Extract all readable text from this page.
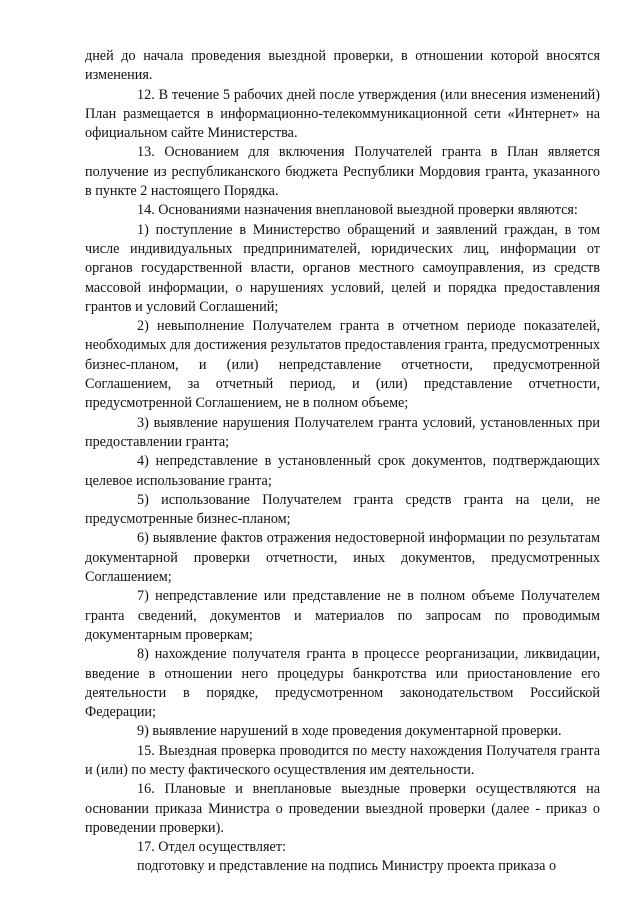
дней до начала проведения выездной проверки, в отношении которой вносятся изменения.

12. В течение 5 рабочих дней после утверждения (или внесения изменений) План размещается в информационно-телекоммуникационной сети «Интернет» на официальном сайте Министерства.

13. Основанием для включения Получателей гранта в План является получение из республиканского бюджета Республики Мордовия гранта, указанного в пункте 2 настоящего Порядка.

14. Основаниями назначения внеплановой выездной проверки являются:

1) поступление в Министерство обращений и заявлений граждан, в том числе индивидуальных предпринимателей, юридических лиц, информации от органов государственной власти, органов местного самоуправления, из средств массовой информации, о нарушениях условий, целей и порядка предоставления грантов и условий Соглашений;

2) невыполнение Получателем гранта в отчетном периоде показателей, необходимых для достижения результатов предоставления гранта, предусмотренных бизнес-планом, и (или) непредставление отчетности, предусмотренной Соглашением, за отчетный период, и (или) представление отчетности, предусмотренной Соглашением, не в полном объеме;

3) выявление нарушения Получателем гранта условий, установленных при предоставлении гранта;

4) непредставление в установленный срок документов, подтверждающих целевое использование гранта;

5) использование Получателем гранта средств гранта на цели, не предусмотренные бизнес-планом;

6) выявление фактов отражения недостоверной информации по результатам документарной проверки отчетности, иных документов, предусмотренных Соглашением;

7) непредставление или представление не в полном объеме Получателем гранта сведений, документов и материалов по запросам по проводимым документарным проверкам;

8) нахождение получателя гранта в процессе реорганизации, ликвидации, введение в отношении него процедуры банкротства или приостановление его деятельности в порядке, предусмотренном законодательством Российской Федерации;

9) выявление нарушений в ходе проведения документарной проверки.

15. Выездная проверка проводится по месту нахождения Получателя гранта и (или) по месту фактического осуществления им деятельности.

16. Плановые и внеплановые выездные проверки осуществляются на основании приказа Министра о проведении выездной проверки (далее - приказ о проведении проверки).

17. Отдел осуществляет:

подготовку и представление на подпись Министру проекта приказа о
